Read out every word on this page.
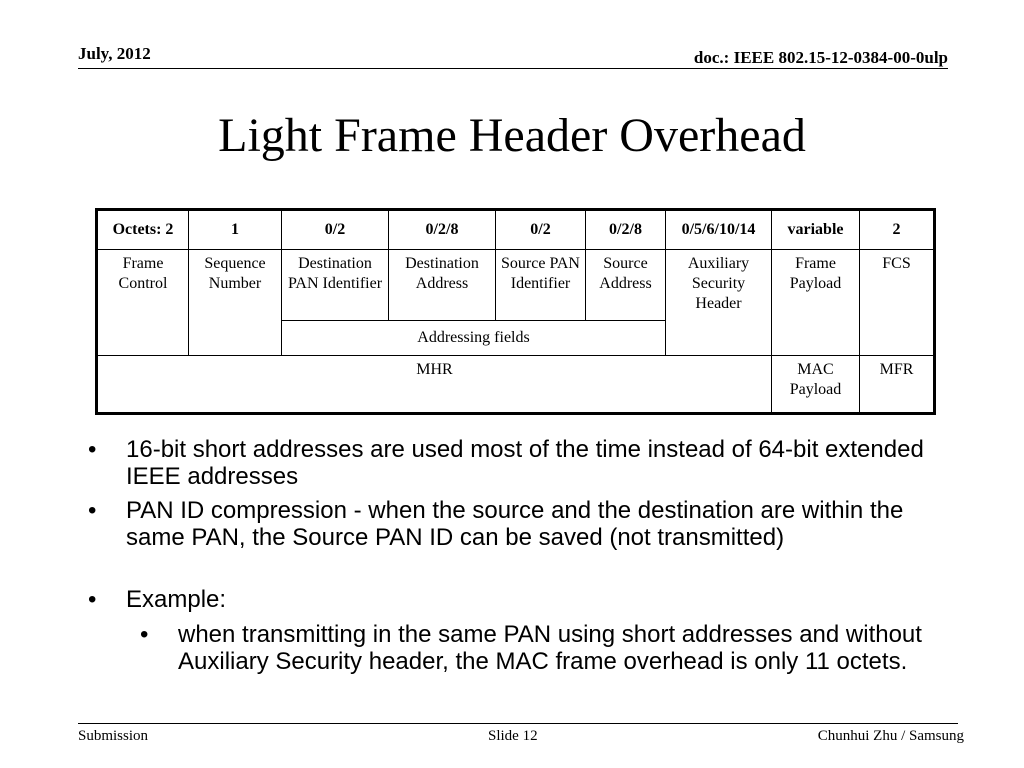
July, 2012	doc.: IEEE 802.15-12-0384-00-0ulp
Light Frame Header Overhead
Octets: 2	1	0/2	0/2/8	0/2	0/2/8	0/5/6/10/14	variable	2
Frame Control	Sequence Number	Destination PAN Identifier	Destination Address	Source PAN Identifier	Source Address	Auxiliary Security Header	Frame Payload	FCS
		Addressing fields						
MHR							MAC Payload	MFR
•	16-bit short addresses are used most of the time instead of 64-bit extended IEEE addresses
•	PAN ID compression - when the source and the destination are within the same PAN, the Source PAN ID can be saved (not transmitted)
•	Example:
•	when transmitting in the same PAN using short addresses and without Auxiliary Security header, the MAC frame overhead is only 11 octets.
Submission	Slide 12	Chunhui Zhu / Samsung
